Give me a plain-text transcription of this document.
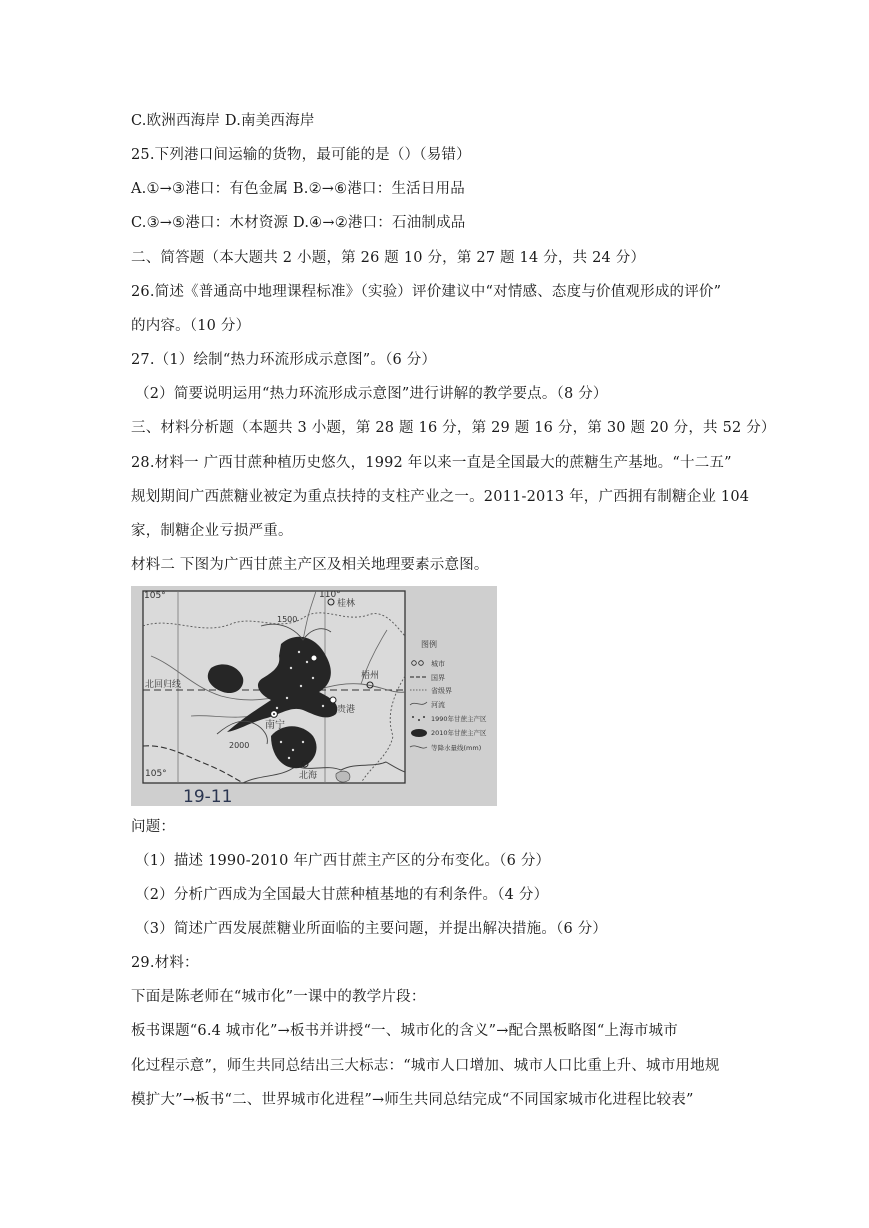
C.欧洲西海岸 D.南美西海岸
25.下列港口间运输的货物，最可能的是（）（易错）
A.①→③港口：有色金属 B.②→⑥港口：生活日用品
C.③→⑤港口：木材资源 D.④→②港口：石油制成品
二、简答题（本大题共 2 小题，第 26 题 10 分，第 27 题 14 分，共 24 分）
26.简述《普通高中地理课程标准》（实验）评价建议中“对情感、态度与价值观形成的评价”
的内容。（10 分）
27.（1）绘制“热力环流形成示意图”。（6 分）
（2）简要说明运用“热力环流形成示意图”进行讲解的教学要点。（8 分）
三、材料分析题（本题共 3 小题，第 28 题 16 分，第 29 题 16 分，第 30 题 20 分，共 52 分）
28.材料一 广西甘蔗种植历史悠久，1992 年以来一直是全国最大的蔗糖生产基地。“十二五”
规划期间广西蔗糖业被定为重点扶持的支柱产业之一。2011-2013 年，广西拥有制糖企业 104
家，制糖企业亏损严重。
材料二 下图为广西甘蔗主产区及相关地理要素示意图。
105°	110°
桂林
1500
北回归线
梧州
南宁
贵港
2000
北海
105°
图例
城市
国界
省级界
河流
1990年甘蔗主产区
2010年甘蔗主产区
等降水量线(mm)
19-11
问题：
（1）描述 1990-2010 年广西甘蔗主产区的分布变化。（6 分）
（2）分析广西成为全国最大甘蔗种植基地的有利条件。（4 分）
（3）简述广西发展蔗糖业所面临的主要问题，并提出解决措施。（6 分）
29.材料：
下面是陈老师在“城市化”一课中的教学片段：
板书课题“6.4 城市化”→板书并讲授“一、城市化的含义”→配合黑板略图“上海市城市
化过程示意”，师生共同总结出三大标志：“城市人口增加、城市人口比重上升、城市用地规
模扩大”→板书“二、世界城市化进程”→师生共同总结完成“不同国家城市化进程比较表”
